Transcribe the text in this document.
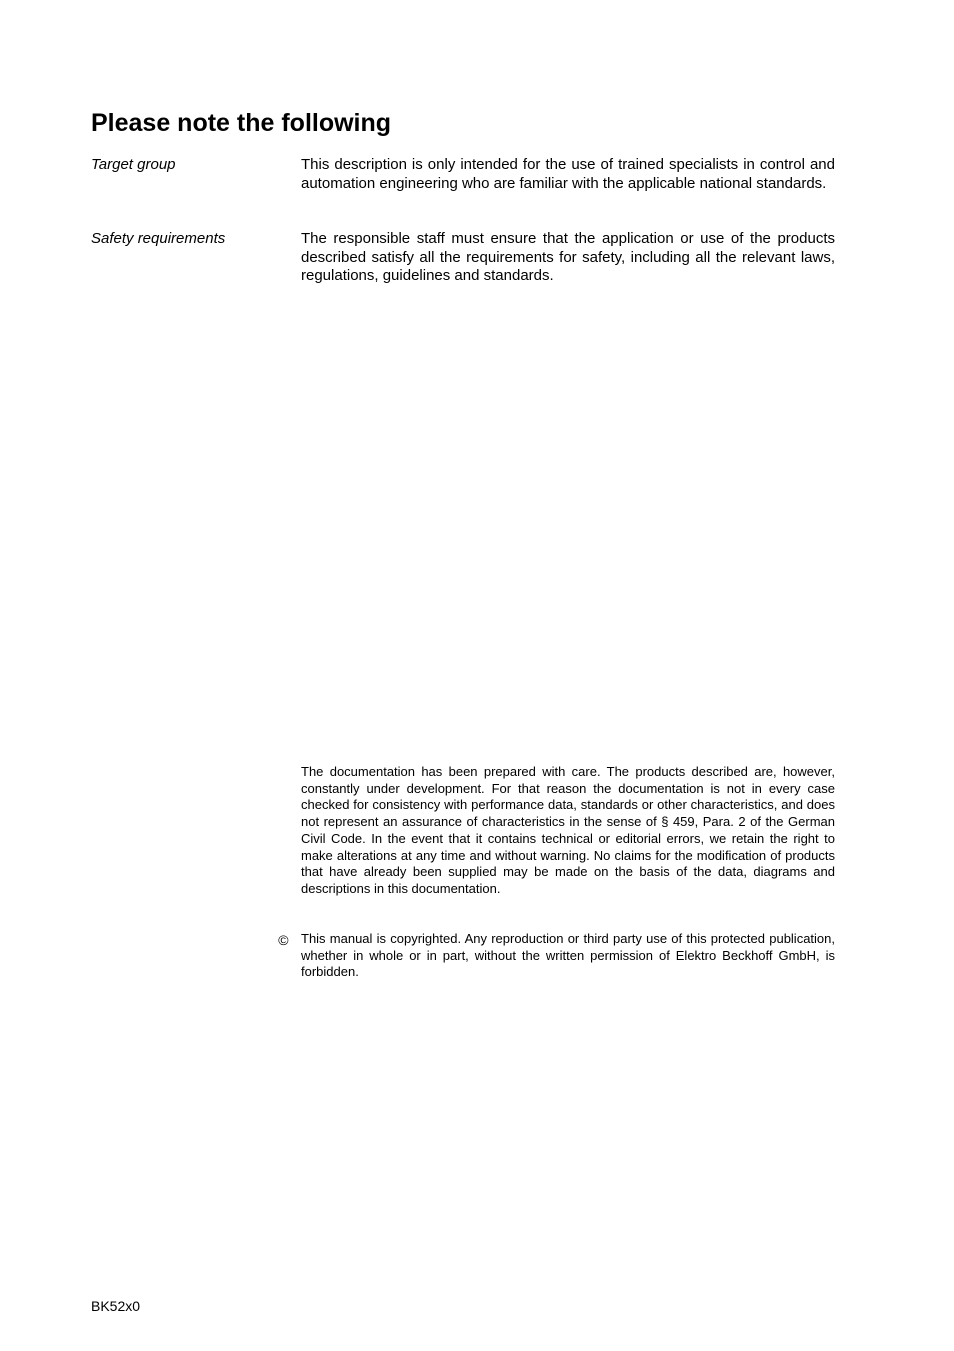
Please note the following
Target group	This description is only intended for the use of trained specialists in control and automation engineering who are familiar with the applicable national standards.

Safety requirements	The responsible staff must ensure that the application or use of the products described satisfy all the requirements for safety, including all the relevant laws, regulations, guidelines and standards.

The documentation has been prepared with care. The products described are, however, constantly under development. For that reason the documentation is not in every case checked for consistency with performance data, standards or other characteristics, and does not represent an assurance of characteristics in the sense of § 459, Para. 2 of the German Civil Code. In the event that it contains technical or editorial errors, we retain the right to make alterations at any time and without warning. No claims for the modification of products that have already been supplied may be made on the basis of the data, diagrams and descriptions in this documentation.

© This manual is copyrighted. Any reproduction or third party use of this protected publication, whether in whole or in part, without the written permission of Elektro Beckhoff GmbH, is forbidden.

BK52x0
